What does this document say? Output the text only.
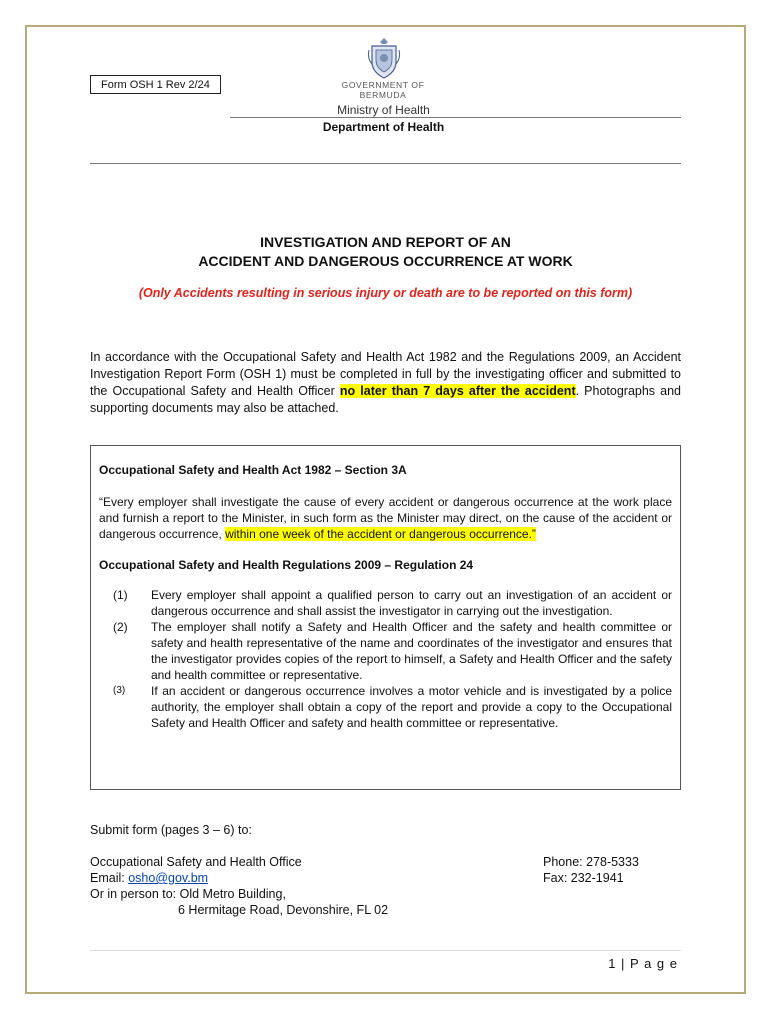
Form OSH 1 Rev 2/24	GOVERNMENT OF BERMUDA
Ministry of Health
Department of Health
INVESTIGATION AND REPORT OF AN
ACCIDENT AND DANGEROUS OCCURRENCE AT WORK
(Only Accidents resulting in serious injury or death are to be reported on this form)
In accordance with the Occupational Safety and Health Act 1982 and the Regulations 2009, an Accident Investigation Report Form (OSH 1) must be completed in full by the investigating officer and submitted to the Occupational Safety and Health Officer no later than 7 days after the accident. Photographs and supporting documents may also be attached.

Occupational Safety and Health Act 1982 – Section 3A

“Every employer shall investigate the cause of every accident or dangerous occurrence at the work place and furnish a report to the Minister, in such form as the Minister may direct, on the cause of the accident or dangerous occurrence, within one week of the accident or dangerous occurrence.”

Occupational Safety and Health Regulations 2009 – Regulation 24

(1)	Every employer shall appoint a qualified person to carry out an investigation of an accident or dangerous occurrence and shall assist the investigator in carrying out the investigation.
(2)	The employer shall notify a Safety and Health Officer and the safety and health committee or safety and health representative of the name and coordinates of the investigator and ensures that the investigator provides copies of the report to himself, a Safety and Health Officer and the safety and health committee or representative.
(3)	If an accident or dangerous occurrence involves a motor vehicle and is investigated by a police authority, the employer shall obtain a copy of the report and provide a copy to the Occupational Safety and Health Officer and safety and health committee or representative.
Submit form (pages 3 – 6) to:
Occupational Safety and Health Office
Email: osho@gov.bm
Or in person to: Old Metro Building,
6 Hermitage Road, Devonshire, FL 02
Phone: 278-5333
Fax: 232-1941
1 | P a g e
